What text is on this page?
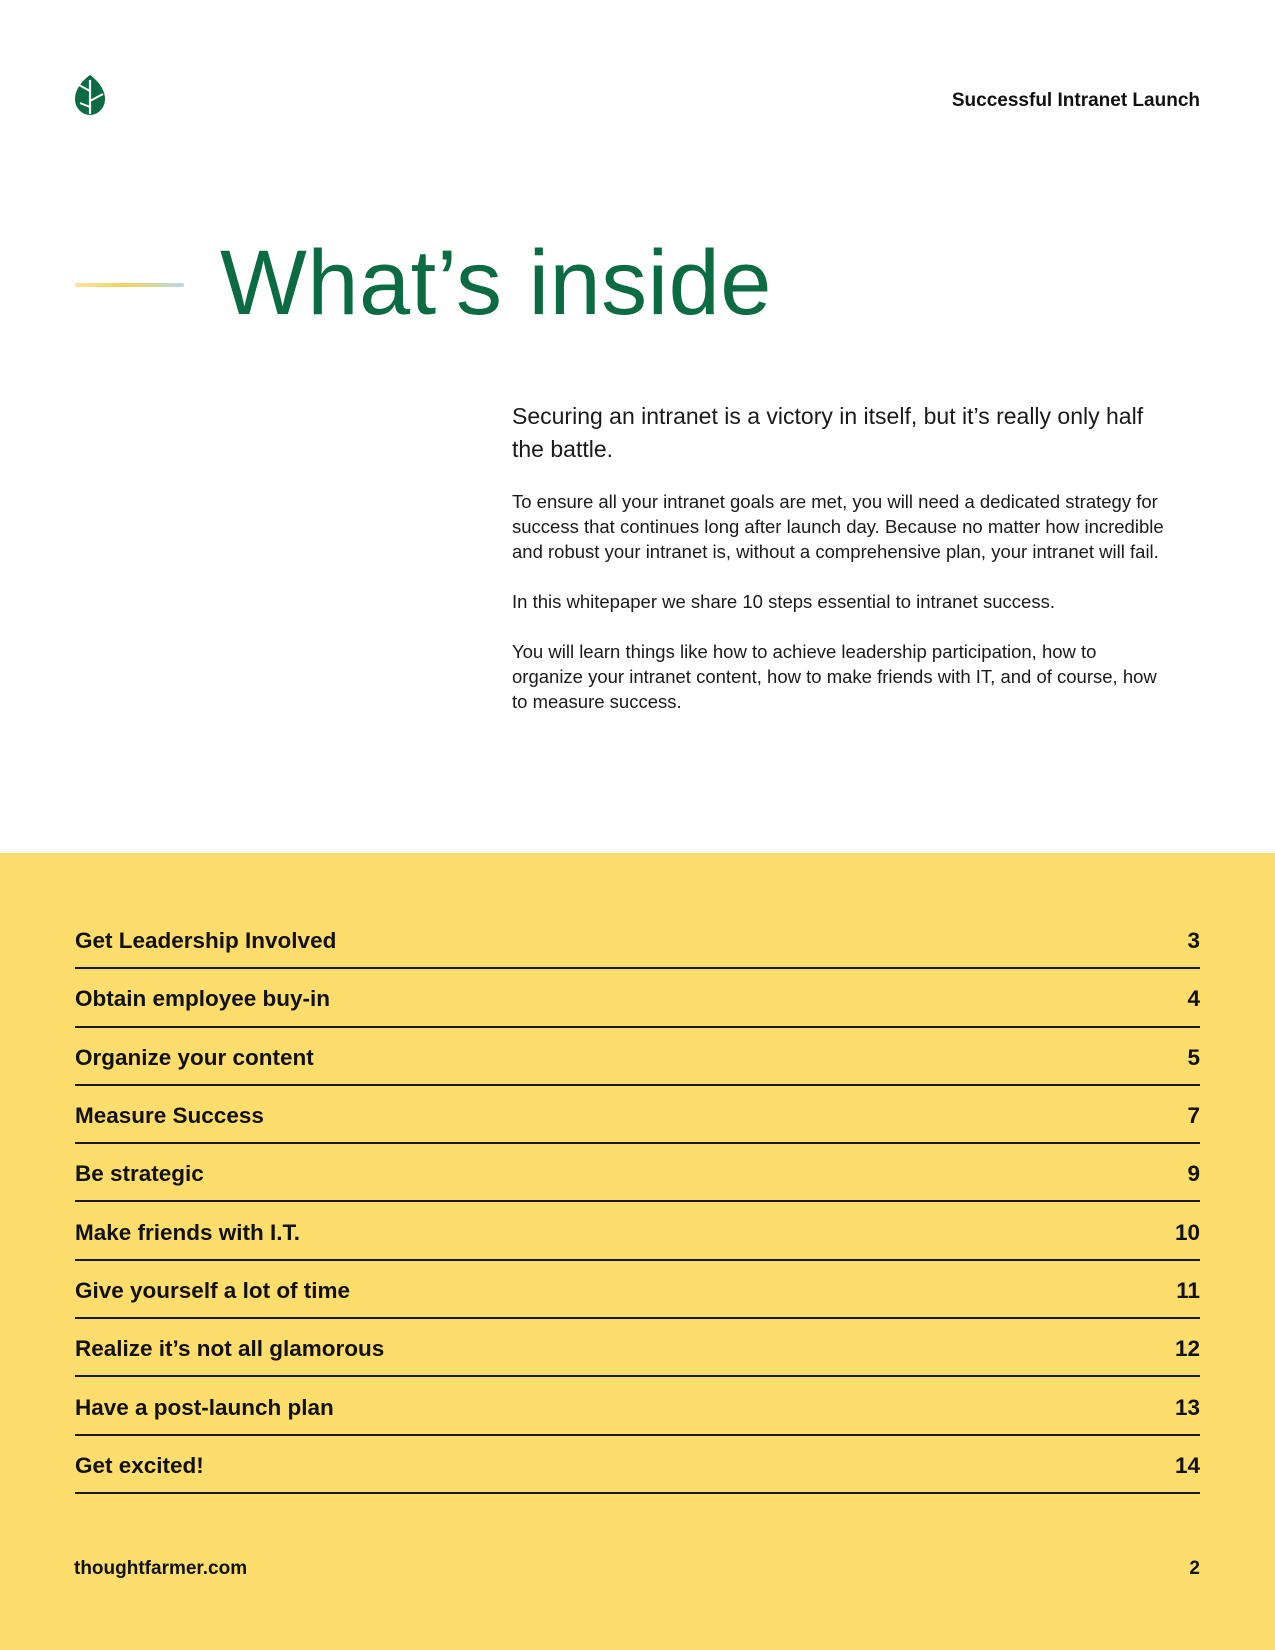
Successful Intranet Launch
What’s inside

Securing an intranet is a victory in itself, but it’s really only half the battle.

To ensure all your intranet goals are met, you will need a dedicated strategy for success that continues long after launch day. Because no matter how incredible and robust your intranet is, without a comprehensive plan, your intranet will fail.

In this whitepaper we share 10 steps essential to intranet success.

You will learn things like how to achieve leadership participation, how to organize your intranet content, how to make friends with IT, and of course, how to measure success.

Get Leadership Involved	3
Obtain employee buy-in	4
Organize your content	5
Measure Success	7
Be strategic	9
Make friends with I.T.	10
Give yourself a lot of time	11
Realize it’s not all glamorous	12
Have a post-launch plan	13
Get excited!	14
thoughtfarmer.com	2
